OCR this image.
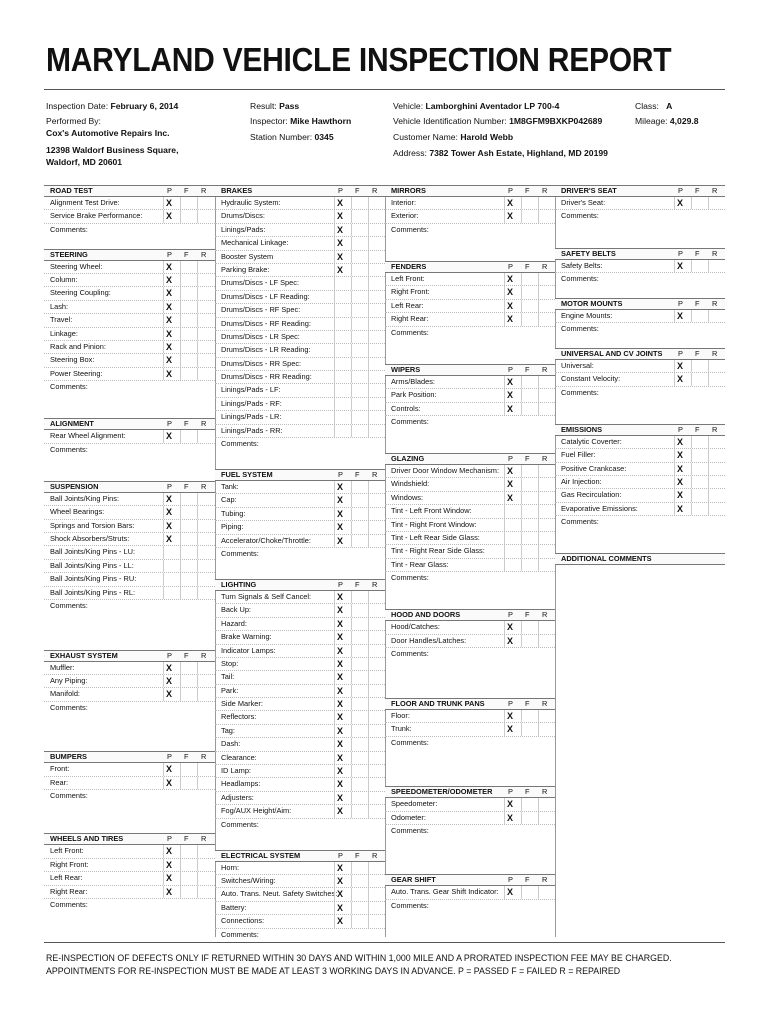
MARYLAND VEHICLE INSPECTION REPORT
Inspection Date: February 6, 2014	Result: Pass	Vehicle: Lamborghini Aventador LP 700-4	Class: A
Performed By:	Inspector: Mike Hawthorn	Vehicle Identification Number: 1M8GFM9BXKP042689	Mileage: 4,029.8
Cox's Automotive Repairs Inc.	Station Number: 0345	Customer Name: Harold Webb
12398 Waldorf Business Square,
Waldorf, MD 20601
Address: 7382 Tower Ash Estate, Highland, MD 20199
ROAD TEST	P F R
Alignment Test Drive:	X
Service Brake Performance:	X
Comments:
STEERING	P F R
Steering Wheel:	X
Column:	X
Steering Coupling:	X
Lash:	X
Travel:	X
Linkage:	X
Rack and Pinion:	X
Steering Box:	X
Power Steering:	X
Comments:
ALIGNMENT	P F R
Rear Wheel Alignment:	X
Comments:
SUSPENSION	P F R
Ball Joints/King Pins:	X
Wheel Bearings:	X
Springs and Torsion Bars:	X
Shock Absorbers/Struts:	X
Ball Joints/King Pins - LU:
Ball Joints/King Pins - LL:
Ball Joints/King Pins - RU:
Ball Joints/King Pins - RL:
Comments:
EXHAUST SYSTEM	P F R
Muffler:	X
Any Piping:	X
Manifold:	X
Comments:
BUMPERS	P F R
Front:	X
Rear:	X
Comments:
WHEELS AND TIRES	P F R
Left Front:	X
Right Front:	X
Left Rear:	X
Right Rear:	X
Comments:
BRAKES	P F R
Hydraulic System:	X
Drums/Discs:	X
Linings/Pads:	X
Mechanical Linkage:	X
Booster System	X
Parking Brake:	X
Drums/Discs - LF Spec:
Drums/Discs - LF Reading:
Drums/Discs - RF Spec:
Drums/Discs - RF Reading:
Drums/Discs - LR Spec:
Drums/Discs - LR Reading:
Drums/Discs - RR Spec:
Drums/Discs - RR Reading:
Linings/Pads - LF:
Linings/Pads - RF:
Linings/Pads - LR:
Linings/Pads - RR:
Comments:
FUEL SYSTEM	P F R
Tank:	X
Cap:	X
Tubing:	X
Piping:	X
Accelerator/Choke/Throttle:	X
Comments:
LIGHTING	P F R
Turn Signals & Self Cancel:	X
Back Up:	X
Hazard:	X
Brake Warning:	X
Indicator Lamps:	X
Stop:	X
Tail:	X
Park:	X
Side Marker:	X
Reflectors:	X
Tag:	X
Dash:	X
Clearance:	X
ID Lamp:	X
Headlamps:	X
Adjusters:	X
Fog/AUX Height/Aim:	X
Comments:
ELECTRICAL SYSTEM	P F R
Horn:	X
Switches/Wiring:	X
Auto. Trans. Neut. Safety Switches: X
Battery:	X
Connections:	X
Comments:
MIRRORS	P F R
Interior:	X
Exterior:	X
Comments:
FENDERS	P F R
Left Front:	X
Right Front:	X
Left Rear:	X
Right Rear:	X
Comments:
WIPERS	P F R
Arms/Blades:	X
Park Position:	X
Controls:	X
Comments:
GLAZING	P F R
Driver Door Window Mechanism: X
Windshield:	X
Windows:	X
Tint - Left Front Window:
Tint - Right Front Window:
Tint - Left Rear Side Glass:
Tint - Right Rear Side Glass:
Tint - Rear Glass:
Comments:
HOOD AND DOORS	P F R
Hood/Catches:	X
Door Handles/Latches:	X
Comments:
FLOOR AND TRUNK PANS	P F R
Floor:	X
Trunk:	X
Comments:
SPEEDOMETER/ODOMETER P F R
Speedometer:	X
Odometer:	X
Comments:
GEAR SHIFT	P F R
Auto. Trans. Gear Shift Indicator: X
Comments:
DRIVER'S SEAT	P F R
Driver's Seat:	X
Comments:
SAFETY BELTS	P F R
Safety Belts:	X
Comments:
MOTOR MOUNTS	P F R
Engine Mounts:	X
Comments:
UNIVERSAL AND CV JOINTS P F R
Universal:	X
Constant Velocity:	X
Comments:
EMISSIONS	P F R
Catalytic Coverter:	X
Fuel Filler:	X
Positive Crankcase:	X
Air Injection:	X
Gas Recirculation:	X
Evaporative Emissions:	X
Comments:
ADDITIONAL COMMENTS
RE-INSPECTION OF DEFECTS ONLY IF RETURNED WITHIN 30 DAYS AND WITHIN 1,000 MILE AND A PRORATED INSPECTION FEE MAY BE CHARGED.
APPOINTMENTS FOR RE-INSPECTION MUST BE MADE AT LEAST 3 WORKING DAYS IN ADVANCE. P = PASSED F = FAILED R = REPAIRED
